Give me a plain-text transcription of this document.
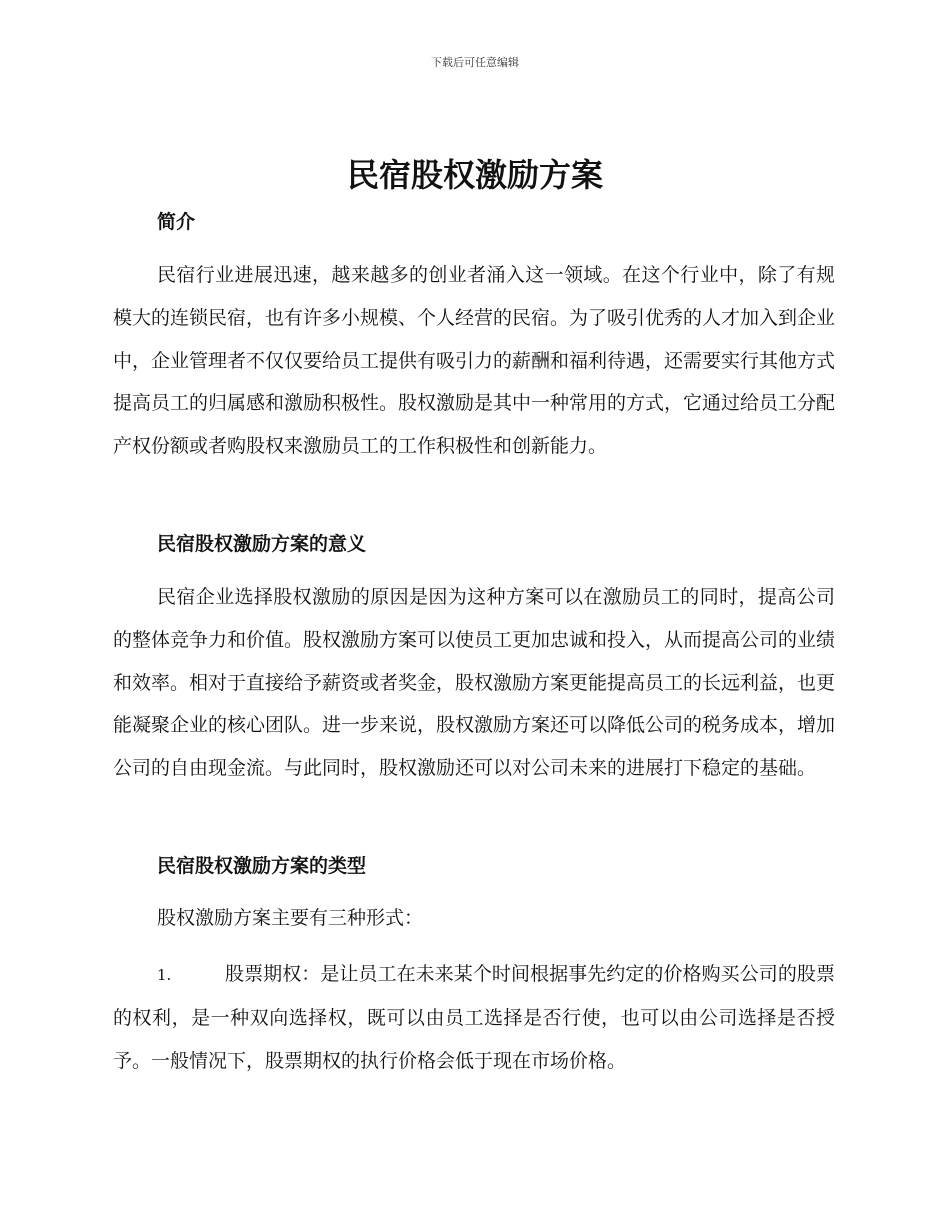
下载后可任意编辑
民宿股权激励方案
简介
民宿行业进展迅速，越来越多的创业者涌入这一领域。在这个行业中，除了有规模大的连锁民宿，也有许多小规模、个人经营的民宿。为了吸引优秀的人才加入到企业中，企业管理者不仅仅要给员工提供有吸引力的薪酬和福利待遇，还需要实行其他方式提高员工的归属感和激励积极性。股权激励是其中一种常用的方式，它通过给员工分配产权份额或者购股权来激励员工的工作积极性和创新能力。
民宿股权激励方案的意义
民宿企业选择股权激励的原因是因为这种方案可以在激励员工的同时，提高公司的整体竞争力和价值。股权激励方案可以使员工更加忠诚和投入，从而提高公司的业绩和效率。相对于直接给予薪资或者奖金，股权激励方案更能提高员工的长远利益，也更能凝聚企业的核心团队。进一步来说，股权激励方案还可以降低公司的税务成本，增加公司的自由现金流。与此同时，股权激励还可以对公司未来的进展打下稳定的基础。
民宿股权激励方案的类型
股权激励方案主要有三种形式：
1.	股票期权：是让员工在未来某个时间根据事先约定的价格购买公司的股票的权利，是一种双向选择权，既可以由员工选择是否行使，也可以由公司选择是否授予。一般情况下，股票期权的执行价格会低于现在市场价格。
